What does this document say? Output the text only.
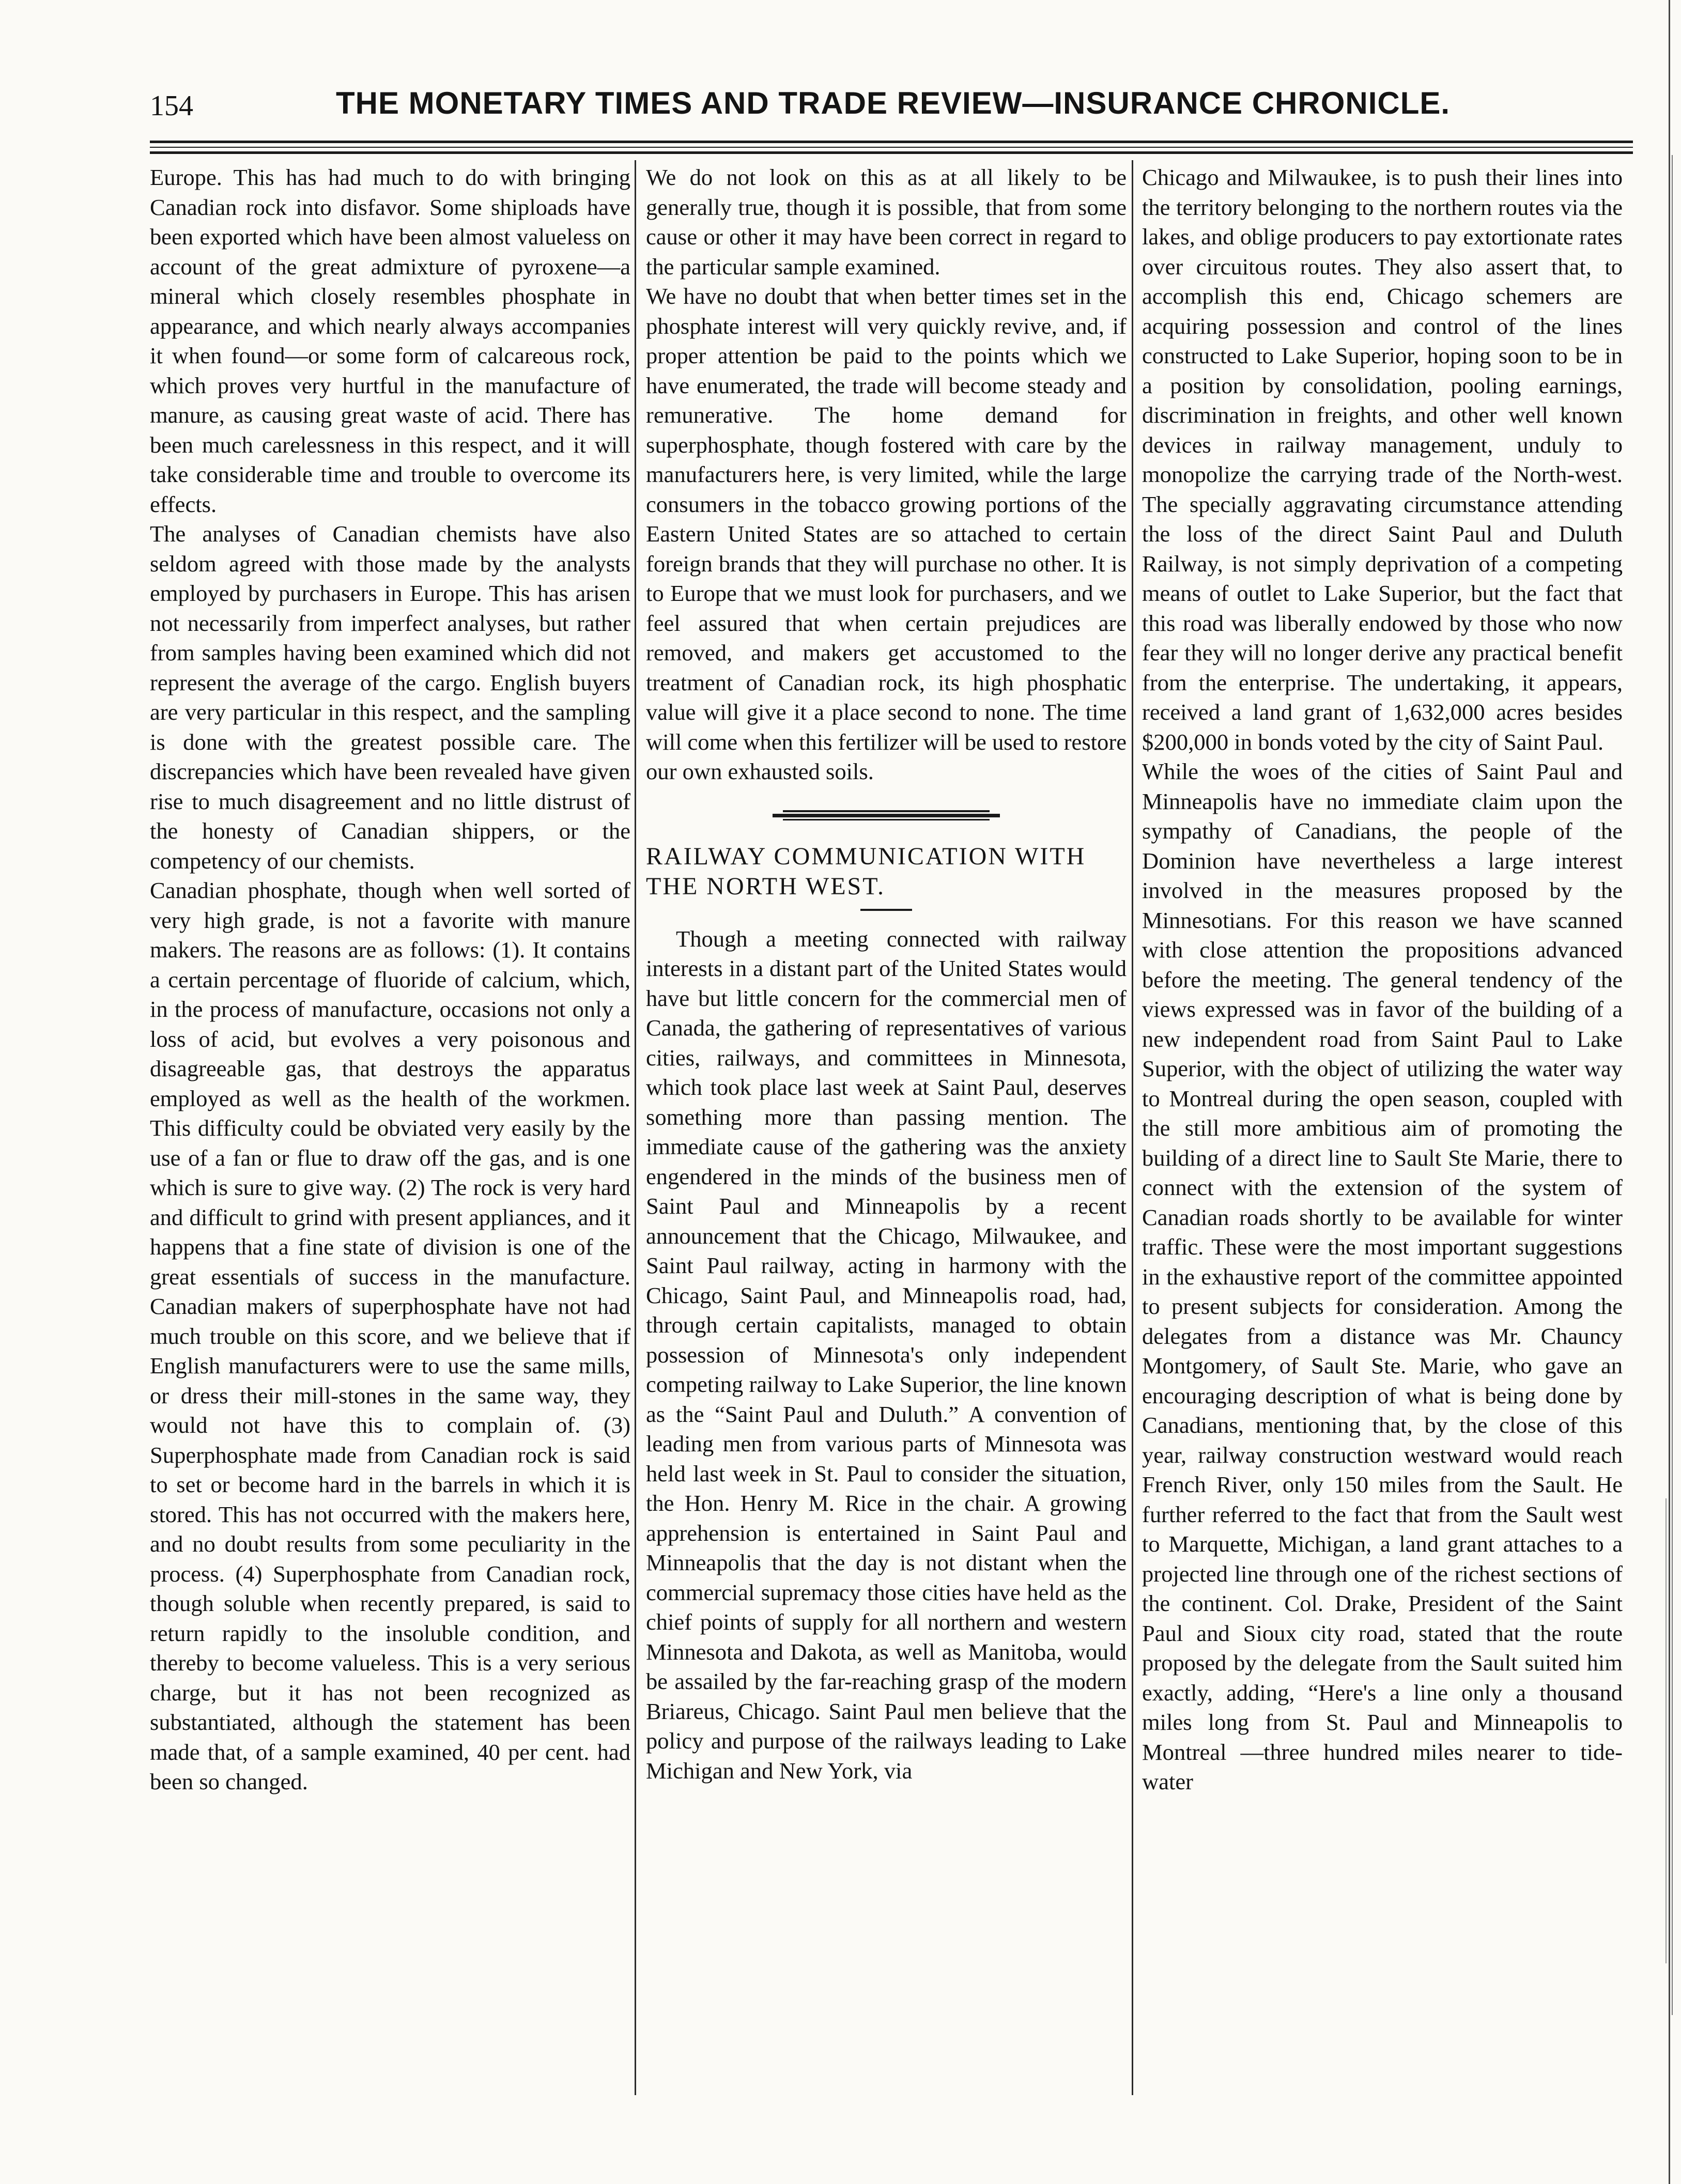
154	THE MONETARY TIMES AND TRADE REVIEW—INSURANCE CHRONICLE.

Europe. This has had much to do with bringing Canadian rock into disfavor. Some shiploads have been exported which have been almost valueless on account of the great admixture of pyroxene—a mineral which closely resembles phosphate in appearance, and which nearly always accompanies it when found—or some form of calcareous rock, which proves very hurtful in the manufacture of manure, as causing great waste of acid. There has been much carelessness in this respect, and it will take considerable time and trouble to overcome its effects.

The analyses of Canadian chemists have also seldom agreed with those made by the analysts employed by purchasers in Europe. This has arisen not necessarily from imperfect analyses, but rather from samples having been examined which did not represent the average of the cargo. English buyers are very particular in this respect, and the sampling is done with the greatest possible care. The discrepancies which have been revealed have given rise to much disagreement and no little distrust of the honesty of Canadian shippers, or the competency of our chemists.

Canadian phosphate, though when well sorted of very high grade, is not a favorite with manure makers. The reasons are as follows: (1). It contains a certain percentage of fluoride of calcium, which, in the process of manufacture, occasions not only a loss of acid, but evolves a very poisonous and disagreeable gas, that destroys the apparatus employed as well as the health of the workmen. This difficulty could be obviated very easily by the use of a fan or flue to draw off the gas, and is one which is sure to give way. (2) The rock is very hard and difficult to grind with present appliances, and it happens that a fine state of division is one of the great essentials of success in the manufacture. Canadian makers of superphosphate have not had much trouble on this score, and we believe that if English manufacturers were to use the same mills, or dress their mill-stones in the same way, they would not have this to complain of. (3) Superphosphate made from Canadian rock is said to set or become hard in the barrels in which it is stored. This has not occurred with the makers here, and no doubt results from some peculiarity in the process. (4) Superphosphate from Canadian rock, though soluble when recently prepared, is said to return rapidly to the insoluble condition, and thereby to become valueless. This is a very serious charge, but it has not been recognized as substantiated, although the statement has been made that, of a sample examined, 40 per cent. had been so changed.

We do not look on this as at all likely to be generally true, though it is possible, that from some cause or other it may have been correct in regard to the particular sample examined.

We have no doubt that when better times set in the phosphate interest will very quickly revive, and, if proper attention be paid to the points which we have enumerated, the trade will become steady and remunerative. The home demand for superphosphate, though fostered with care by the manufacturers here, is very limited, while the large consumers in the tobacco growing portions of the Eastern United States are so attached to certain foreign brands that they will purchase no other. It is to Europe that we must look for purchasers, and we feel assured that when certain prejudices are removed, and makers get accustomed to the treatment of Canadian rock, its high phosphatic value will give it a place second to none. The time will come when this fertilizer will be used to restore our own exhausted soils.

RAILWAY COMMUNICATION WITH

THE NORTH WEST.

Though a meeting connected with railway interests in a distant part of the United States would have but little concern for the commercial men of Canada, the gathering of representatives of various cities, railways, and committees in Minnesota, which took place last week at Saint Paul, deserves something more than passing mention. The immediate cause of the gathering was the anxiety engendered in the minds of the business men of Saint Paul and Minneapolis by a recent announcement that the Chicago, Milwaukee, and Saint Paul railway, acting in harmony with the Chicago, Saint Paul, and Minneapolis road, had, through certain capitalists, managed to obtain possession of Minnesota's only independent competing railway to Lake Superior, the line known as the “Saint Paul and Duluth.” A convention of leading men from various parts of Minnesota was held last week in St. Paul to consider the situation, the Hon. Henry M. Rice in the chair. A growing apprehension is entertained in Saint Paul and Minneapolis that the day is not distant when the commercial supremacy those cities have held as the chief points of supply for all northern and western Minnesota and Dakota, as well as Manitoba, would be assailed by the far-reaching grasp of the modern Briareus, Chicago. Saint Paul men believe that the policy and purpose of the railways leading to Lake Michigan and New York, via

Chicago and Milwaukee, is to push their lines into the territory belonging to the northern routes via the lakes, and oblige producers to pay extortionate rates over circuitous routes. They also assert that, to accomplish this end, Chicago schemers are acquiring possession and control of the lines constructed to Lake Superior, hoping soon to be in a position by consolidation, pooling earnings, discrimination in freights, and other well known devices in railway management, unduly to monopolize the carrying trade of the North-west. The specially aggravating circumstance attending the loss of the direct Saint Paul and Duluth Railway, is not simply deprivation of a competing means of outlet to Lake Superior, but the fact that this road was liberally endowed by those who now fear they will no longer derive any practical benefit from the enterprise. The undertaking, it appears, received a land grant of 1,632,000 acres besides $200,000 in bonds voted by the city of Saint Paul.

While the woes of the cities of Saint Paul and Minneapolis have no immediate claim upon the sympathy of Canadians, the people of the Dominion have nevertheless a large interest involved in the measures proposed by the Minnesotians. For this reason we have scanned with close attention the propositions advanced before the meeting. The general tendency of the views expressed was in favor of the building of a new independent road from Saint Paul to Lake Superior, with the object of utilizing the water way to Montreal during the open season, coupled with the still more ambitious aim of promoting the building of a direct line to Sault Ste Marie, there to connect with the extension of the system of Canadian roads shortly to be available for winter traffic. These were the most important suggestions in the exhaustive report of the committee appointed to present subjects for consideration. Among the delegates from a distance was Mr. Chauncy Montgomery, of Sault Ste. Marie, who gave an encouraging description of what is being done by Canadians, mentioning that, by the close of this year, railway construction westward would reach French River, only 150 miles from the Sault. He further referred to the fact that from the Sault west to Marquette, Michigan, a land grant attaches to a projected line through one of the richest sections of the continent. Col. Drake, President of the Saint Paul and Sioux city road, stated that the route proposed by the delegate from the Sault suited him exactly, adding, “Here's a line only a thousand miles long from St. Paul and Minneapolis to Montreal —three hundred miles nearer to tide-water
